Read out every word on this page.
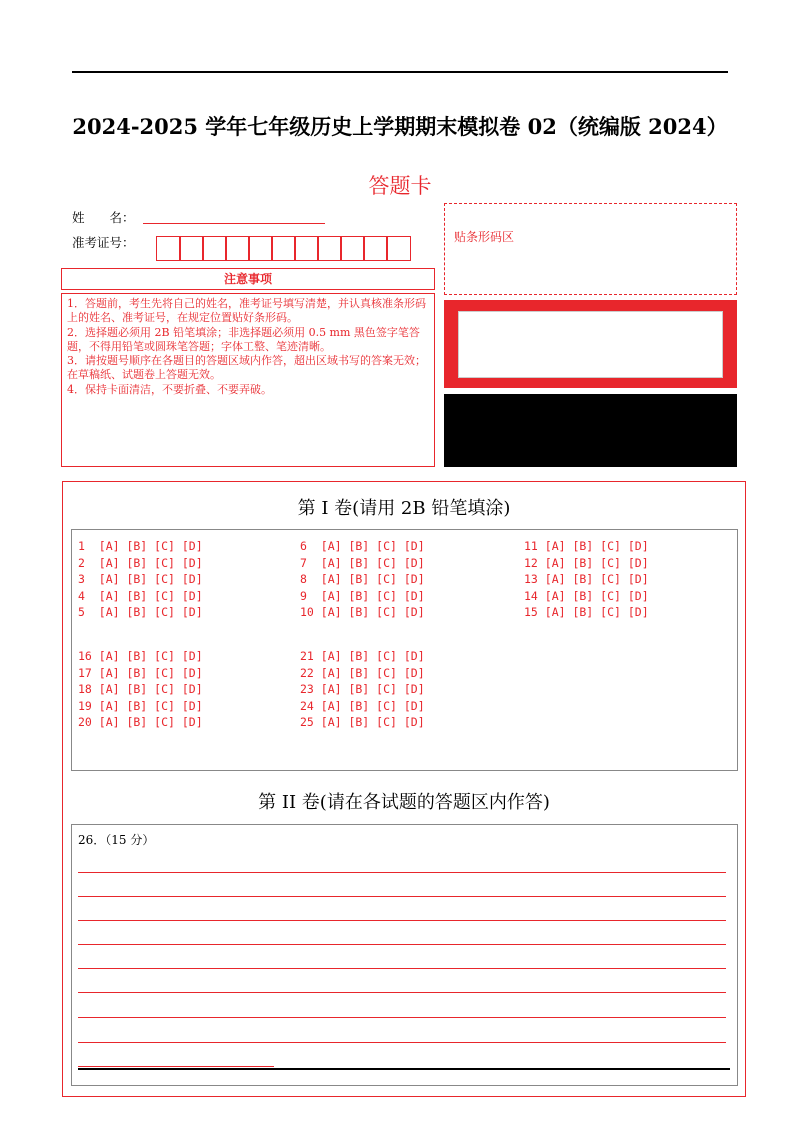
2024-2025 学年七年级历史上学期期末模拟卷 02（统编版 2024）
答题卡
姓　　名：
准考证号：	贴条形码区
注意事项

1．答题前，考生先将自己的姓名，准考证号填写清楚，并认真核准条形码上的姓名、准考证号，在规定位置贴好条形码。

2．选择题必须用 2B 铅笔填涂；非选择题必须用 0.5 mm 黑色签字笔答题，不得用铅笔或圆珠笔答题；字体工整、笔迹清晰。

3．请按题号顺序在各题目的答题区域内作答，超出区域书写的答案无效；在草稿纸、试题卷上答题无效。

4．保持卡面清洁，不要折叠、不要弄破。

第 I 卷(请用 2B 铅笔填涂)
1  [A] [B] [C] [D]
2  [A] [B] [C] [D]
3  [A] [B] [C] [D]
4  [A] [B] [C] [D]
5  [A] [B] [C] [D]
6  [A] [B] [C] [D]
7  [A] [B] [C] [D]
8  [A] [B] [C] [D]
9  [A] [B] [C] [D]
10 [A] [B] [C] [D]
11 [A] [B] [C] [D]
12 [A] [B] [C] [D]
13 [A] [B] [C] [D]
14 [A] [B] [C] [D]
15 [A] [B] [C] [D]
16 [A] [B] [C] [D]
17 [A] [B] [C] [D]
18 [A] [B] [C] [D]
19 [A] [B] [C] [D]
20 [A] [B] [C] [D]
21 [A] [B] [C] [D]
22 [A] [B] [C] [D]
23 [A] [B] [C] [D]
24 [A] [B] [C] [D]
25 [A] [B] [C] [D]
第 II 卷(请在各试题的答题区内作答)
26．（15 分）
